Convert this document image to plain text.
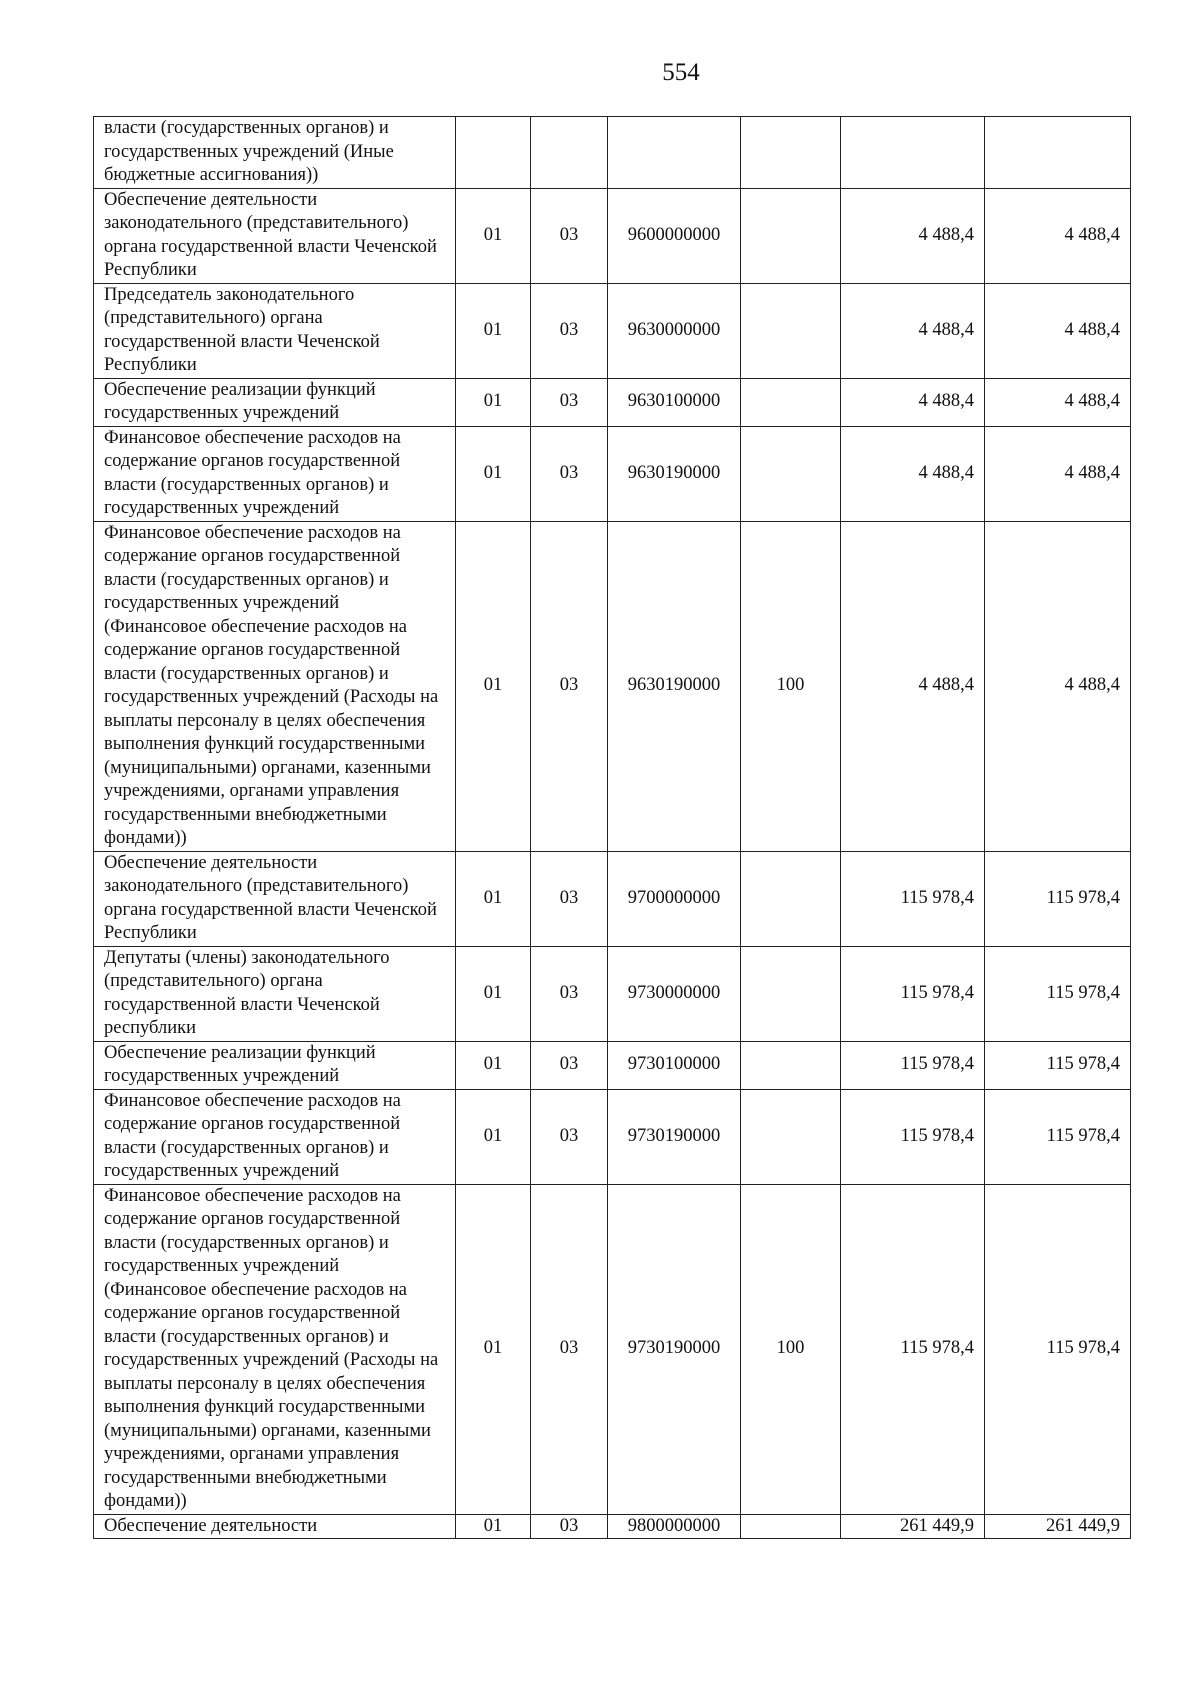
554
власти (государственных органов) и государственных учреждений (Иные бюджетные ассигнования))						
Обеспечение деятельности законодательного (представительного) органа государственной власти Чеченской Республики	01	03	9600000000		4 488,4	4 488,4
Председатель законодательного (представительного) органа государственной власти Чеченской Республики	01	03	9630000000		4 488,4	4 488,4
Обеспечение реализации функций государственных учреждений	01	03	9630100000		4 488,4	4 488,4
Финансовое обеспечение расходов на содержание органов государственной власти (государственных органов) и государственных учреждений	01	03	9630190000		4 488,4	4 488,4
Финансовое обеспечение расходов на содержание органов государственной власти (государственных органов) и государственных учреждений (Финансовое обеспечение расходов на содержание органов государственной власти (государственных органов) и государственных учреждений (Расходы на выплаты персоналу в целях обеспечения выполнения функций государственными (муниципальными) органами, казенными учреждениями, органами управления государственными внебюджетными фондами))	01	03	9630190000	100	4 488,4	4 488,4
Обеспечение деятельности законодательного (представительного) органа государственной власти Чеченской Республики	01	03	9700000000		115 978,4	115 978,4
Депутаты (члены) законодательного (представительного) органа государственной власти Чеченской республики	01	03	9730000000		115 978,4	115 978,4
Обеспечение реализации функций государственных учреждений	01	03	9730100000		115 978,4	115 978,4
Финансовое обеспечение расходов на содержание органов государственной власти (государственных органов) и государственных учреждений	01	03	9730190000		115 978,4	115 978,4
Финансовое обеспечение расходов на содержание органов государственной власти (государственных органов) и государственных учреждений (Финансовое обеспечение расходов на содержание органов государственной власти (государственных органов) и государственных учреждений (Расходы на выплаты персоналу в целях обеспечения выполнения функций государственными (муниципальными) органами, казенными учреждениями, органами управления государственными внебюджетными фондами))	01	03	9730190000	100	115 978,4	115 978,4
Обеспечение деятельности	01	03	9800000000		261 449,9	261 449,9
